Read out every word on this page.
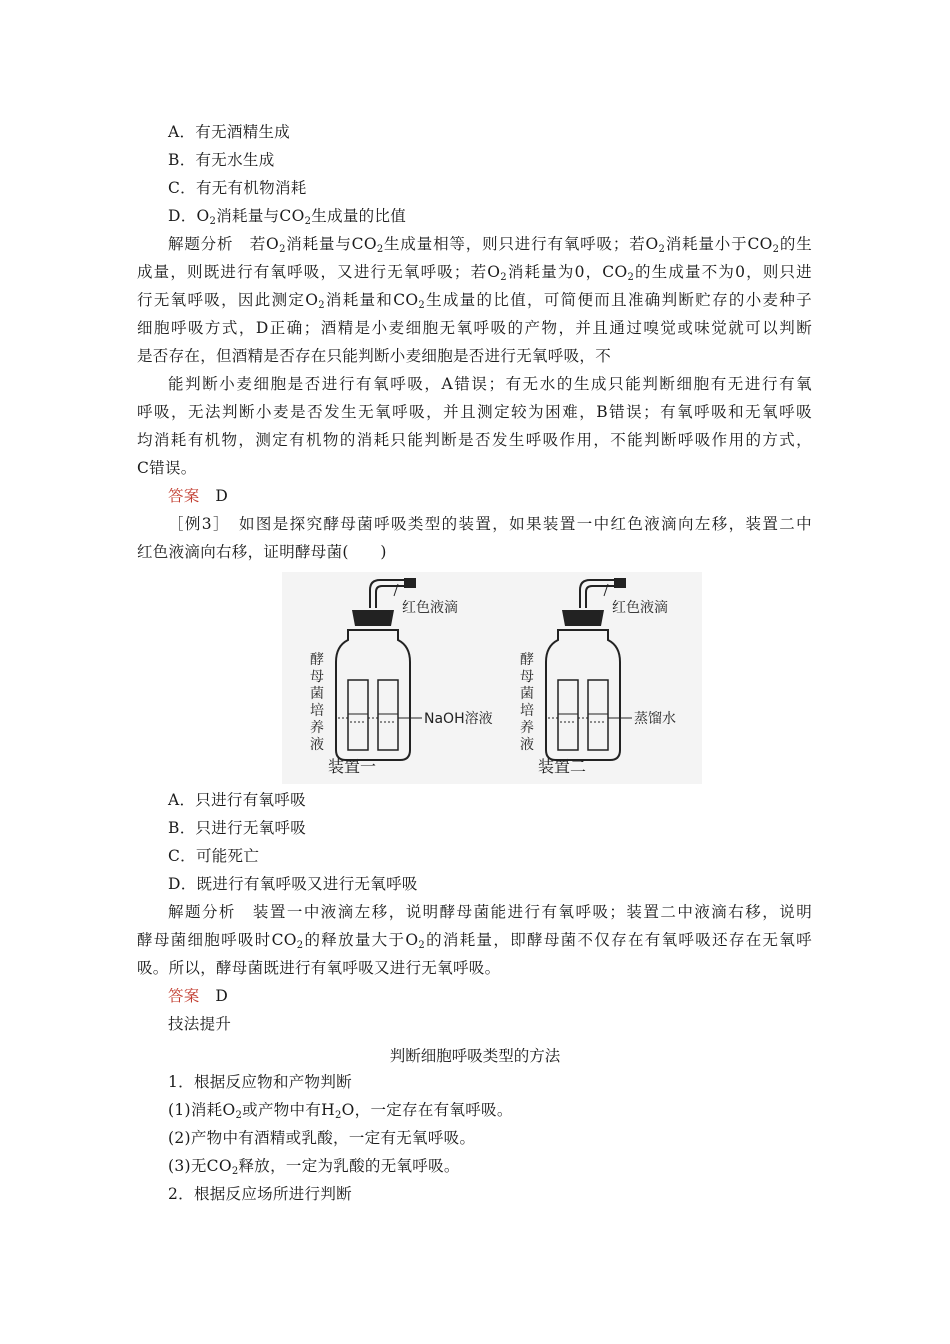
A．有无酒精生成
B．有无水生成
C．有无有机物消耗
D．$O_2$消耗量与$CO_2$生成量的比值
解题分析　若$O_2$消耗量与$CO_2$生成量相等，则只进行有氧呼吸；若$O_2$消耗量小于$CO_2$的生
成量，则既进行有氧呼吸，又进行无氧呼吸；若$O_2$消耗量为0，$CO_2$的生成量不为0，则只进
行无氧呼吸，因此测定$O_2$消耗量和$CO_2$生成量的比值，可简便而且准确判断贮存的小麦种子
细胞呼吸方式，D正确；酒精是小麦细胞无氧呼吸的产物，并且通过嗅觉或味觉就可以判断
是否存在，但酒精是否存在只能判断小麦细胞是否进行无氧呼吸，不
能判断小麦细胞是否进行有氧呼吸，A错误；有无水的生成只能判断细胞有无进行有氧
呼吸，无法判断小麦是否发生无氧呼吸，并且测定较为困难，B错误；有氧呼吸和无氧呼吸
均消耗有机物，测定有机物的消耗只能判断是否发生呼吸作用，不能判断呼吸作用的方式，
C错误。
答案　 D
［例3］　如图是探究酵母菌呼吸类型的装置，如果装置一中红色液滴向左移，装置二中
红色液滴向右移，证明酵母菌(　　)
红色液滴
NaOH溶液
装置一
酵
母
菌
培
养
液
红色液滴
蒸馏水
装置二
酵
母
菌
培
养
液
A．只进行有氧呼吸
B．只进行无氧呼吸
C．可能死亡
D．既进行有氧呼吸又进行无氧呼吸
解题分析　装置一中液滴左移，说明酵母菌能进行有氧呼吸；装置二中液滴右移，说明
酵母菌细胞呼吸时$CO_2$的释放量大于$O_2$的消耗量，即酵母菌不仅存在有氧呼吸还存在无氧呼
吸。所以，酵母菌既进行有氧呼吸又进行无氧呼吸。
答案　 D
技法提升
判断细胞呼吸类型的方法
1．根据反应物和产物判断
(1)消耗$O_2$或产物中有$H_2O$，一定存在有氧呼吸。
(2)产物中有酒精或乳酸，一定有无氧呼吸。
(3)无$CO_2$释放，一定为乳酸的无氧呼吸。
2．根据反应场所进行判断
